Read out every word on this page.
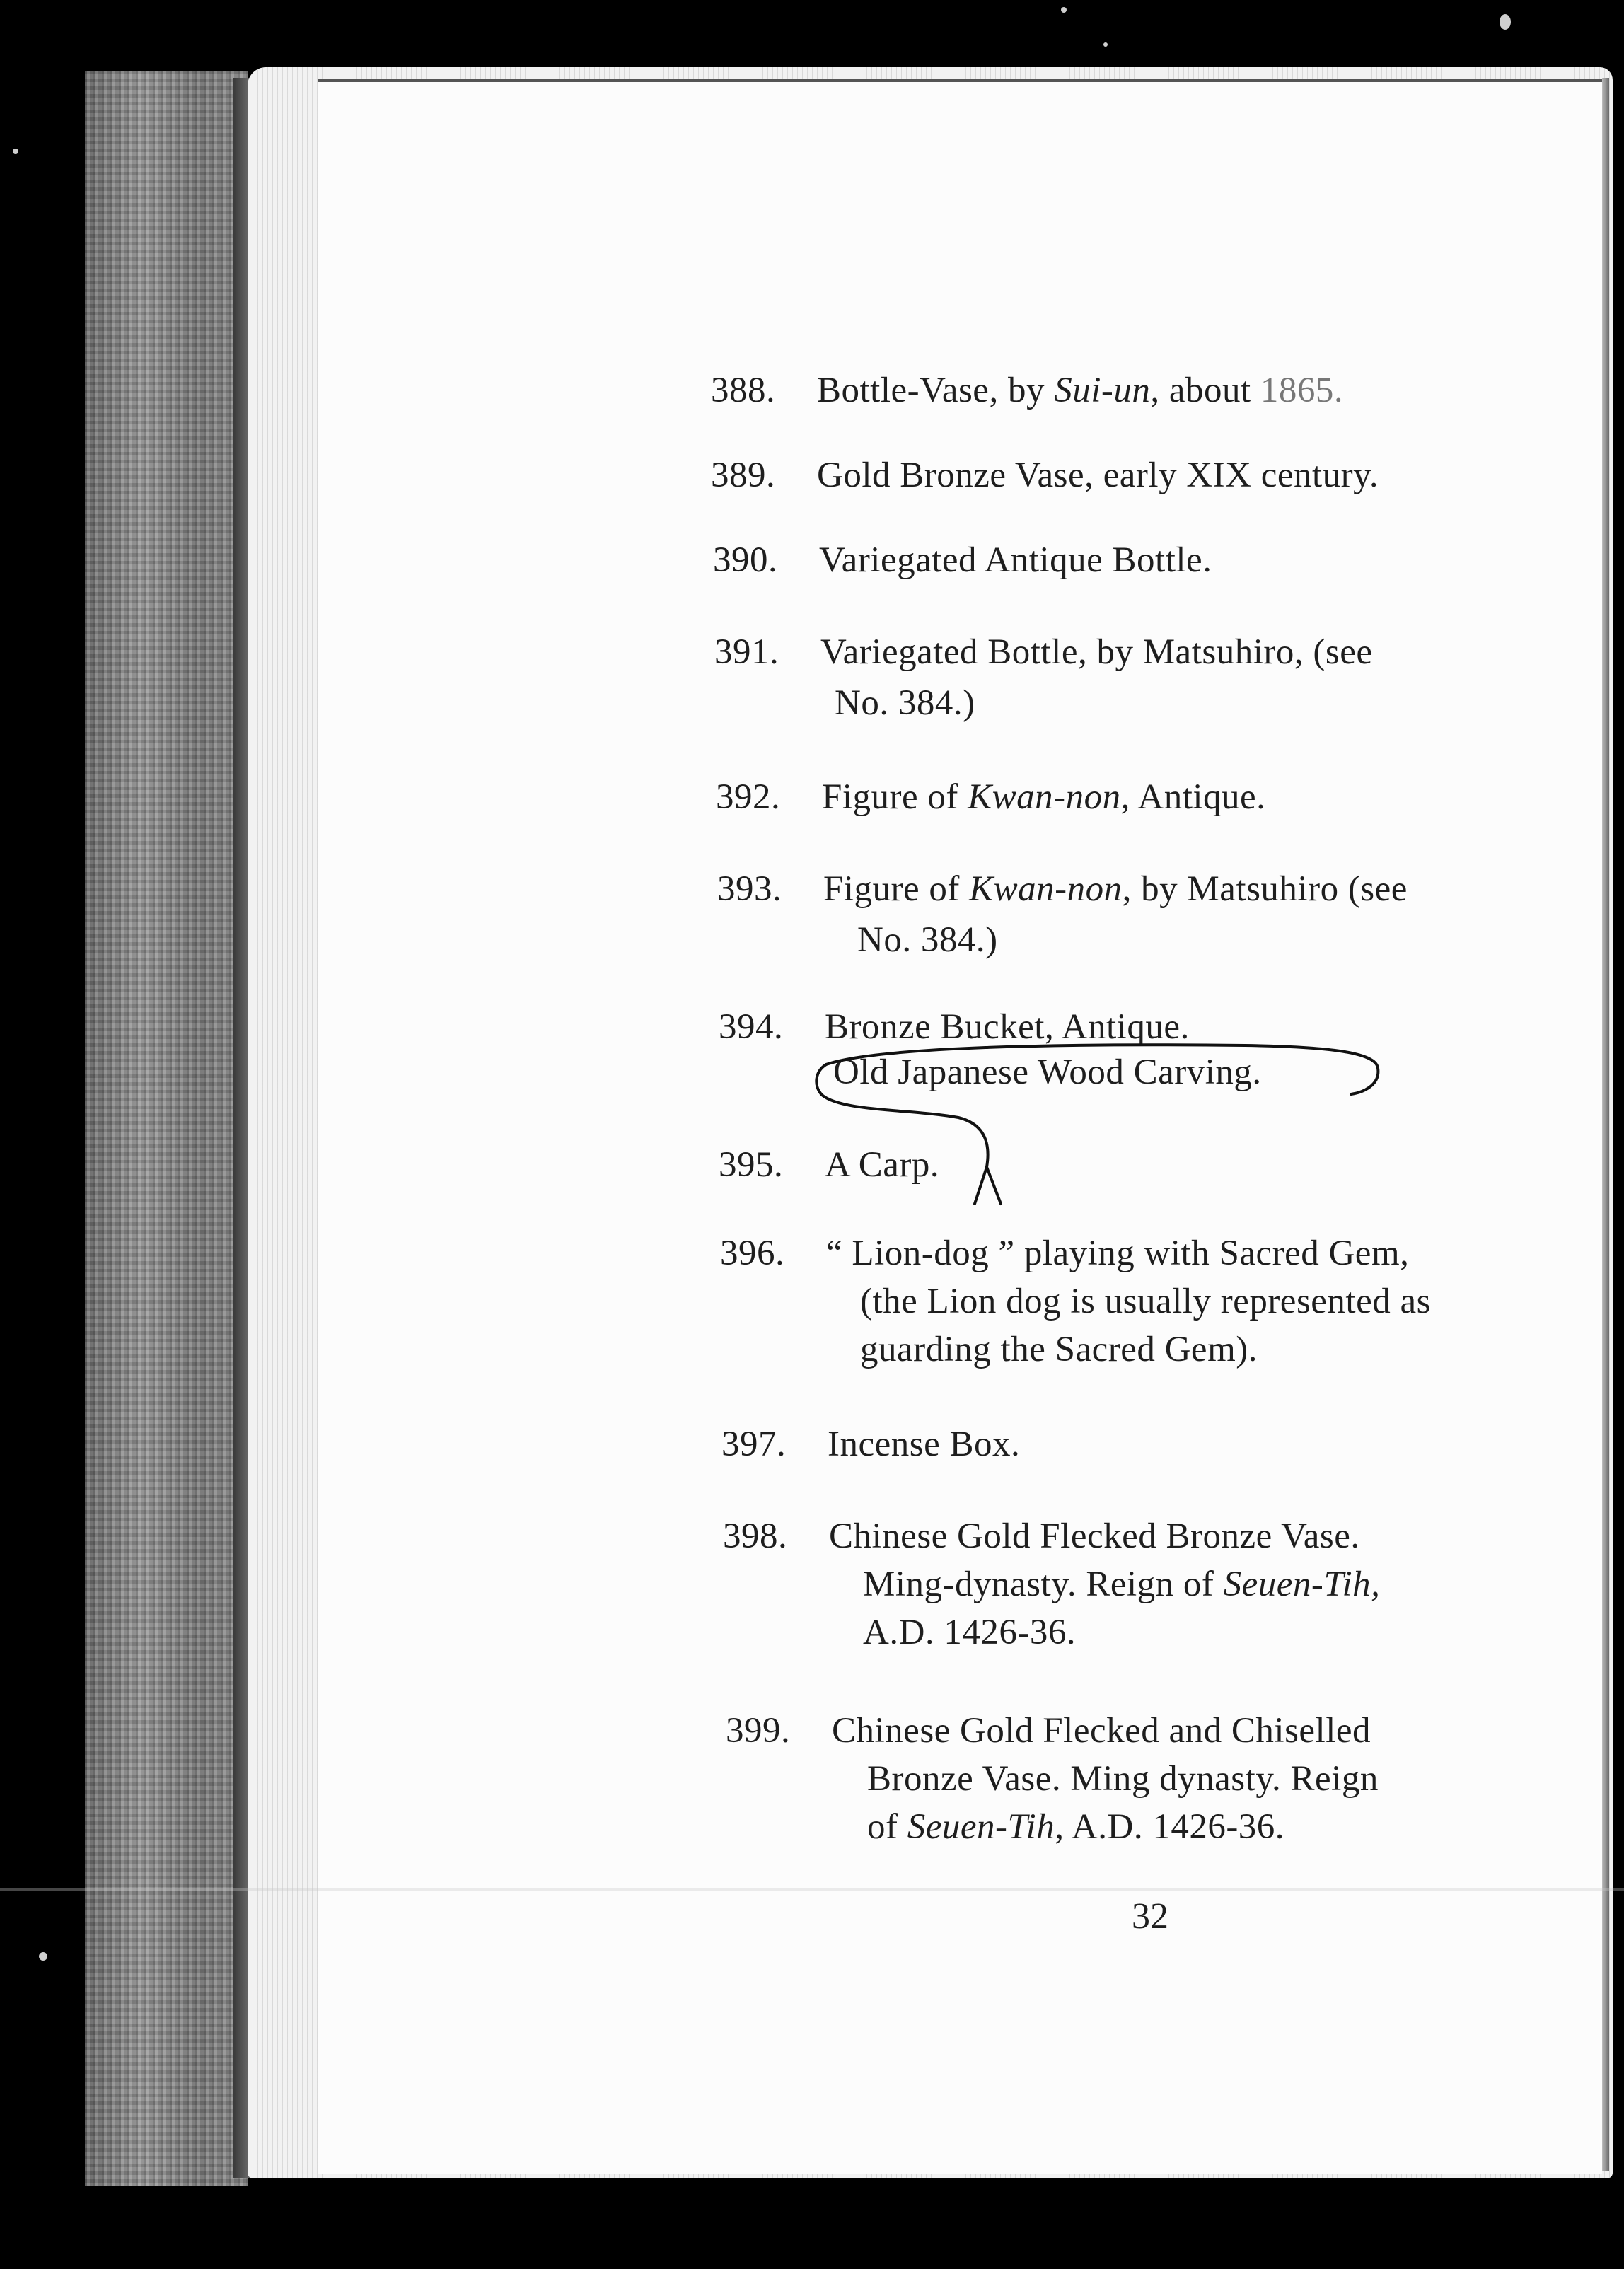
388.	Bottle-Vase, by Sui-un, about 1865.
389.	Gold Bronze Vase, early XIX century.
390.	Variegated Antique Bottle.
391.	Variegated Bottle, by Matsuhiro, (see
No. 384.)
392.	Figure of Kwan-non, Antique.
393.	Figure of Kwan-non, by Matsuhiro (see
No. 384.)
394.	Bronze Bucket, Antique.
Old Japanese Wood Carving.
395.	A Carp.
396.	“ Lion-dog ” playing with Sacred Gem,
(the Lion dog is usually represented as
guarding the Sacred Gem).
397.	Incense Box.
398.	Chinese Gold Flecked Bronze Vase.
Ming-dynasty. Reign of Seuen-Tih,
A.D. 1426-36.
399.	Chinese Gold Flecked and Chiselled
Bronze Vase. Ming dynasty. Reign
of Seuen-Tih, A.D. 1426-36.
32
